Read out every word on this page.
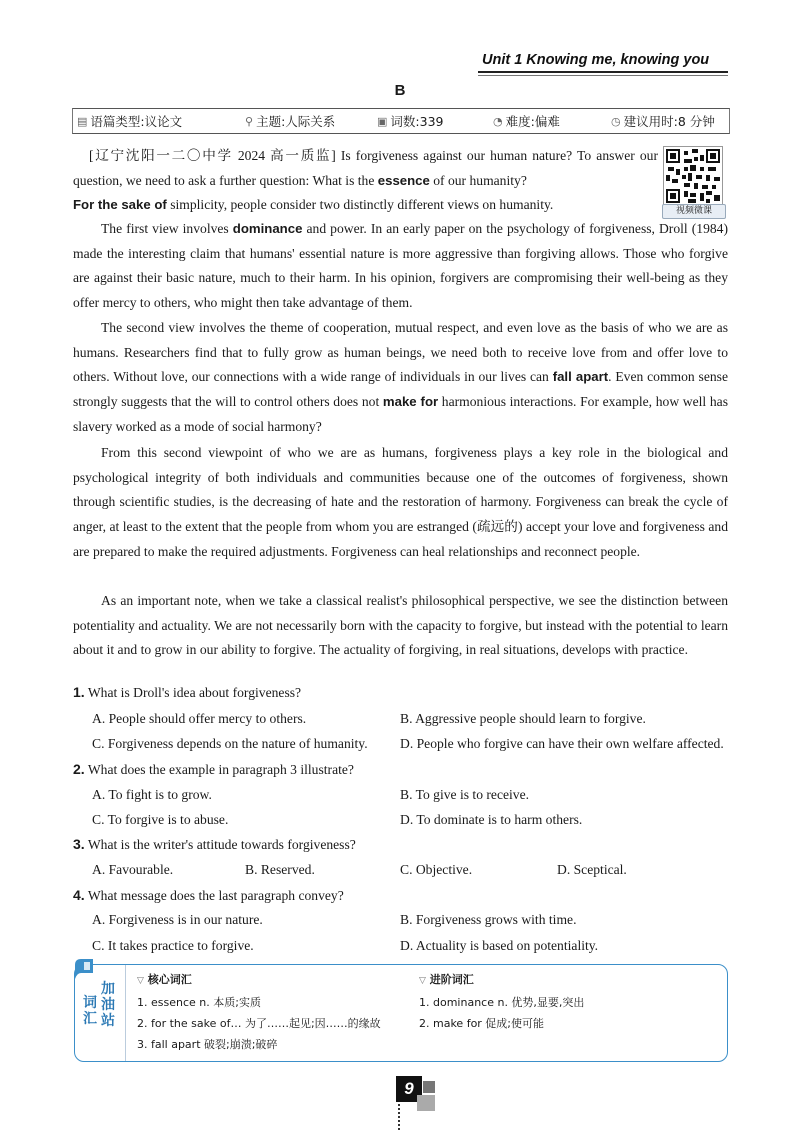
Unit 1 Knowing me, knowing you
B
▤ 语篇类型:议论文	⚲ 主题:人际关系	▣ 词数:339	◔ 难度:偏难	◷ 建议用时:8 分钟
视频微课

[辽宁沈阳一二〇中学 2024 高一质监] Is forgiveness against our human nature? To answer our question, we need to ask a further question: What is the essence of our humanity?

For the sake of simplicity, people consider two distinctly different views on humanity.

The first view involves dominance and power. In an early paper on the psychology of forgiveness, Droll (1984) made the interesting claim that humans' essential nature is more aggressive than forgiving allows. Those who forgive are against their basic nature, much to their harm. In his opinion, forgivers are compromising their well-being as they offer mercy to others, who might then take advantage of them.

The second view involves the theme of cooperation, mutual respect, and even love as the basis of who we are as humans. Researchers find that to fully grow as human beings, we need both to receive love from and offer love to others. Without love, our connections with a wide range of individuals in our lives can fall apart. Even common sense strongly suggests that the will to control others does not make for harmonious interactions. For example, how well has slavery worked as a mode of social harmony?

From this second viewpoint of who we are as humans, forgiveness plays a key role in the biological and psychological integrity of both individuals and communities because one of the outcomes of forgiveness, shown through scientific studies, is the decreasing of hate and the restoration of harmony. Forgiveness can break the cycle of anger, at least to the extent that the people from whom you are estranged (疏远的) accept your love and forgiveness and are prepared to make the required adjustments. Forgiveness can heal relationships and reconnect people.

As an important note, when we take a classical realist's philosophical perspective, we see the distinction between potentiality and actuality. We are not necessarily born with the capacity to forgive, but instead with the potential to learn about it and to grow in our ability to forgive. The actuality of forgiving, in real situations, develops with practice.

1. What is Droll's idea about forgiveness?
A. People should offer mercy to others.	B. Aggressive people should learn to forgive.
C. Forgiveness depends on the nature of humanity. D. People who forgive can have their own welfare affected.
2. What does the example in paragraph 3 illustrate?
A. To fight is to grow.	B. To give is to receive.
C. To forgive is to abuse.	D. To dominate is to harm others.
3. What is the writer's attitude towards forgiveness?
A. Favourable.	B. Reserved.	C. Objective.	D. Sceptical.
4. What message does the last paragraph convey?
A. Forgiveness is in our nature.	B. Forgiveness grows with time.
C. It takes practice to forgive.	D. Actuality is based on potentiality.
词汇
加油站
▽ 核心词汇
1. essence n. 本质;实质
2. for the sake of… 为了……起见;因……的缘故
3. fall apart 破裂;崩溃;破碎
▽ 进阶词汇
1. dominance n. 优势,显要,突出
2. make for 促成;使可能
9
